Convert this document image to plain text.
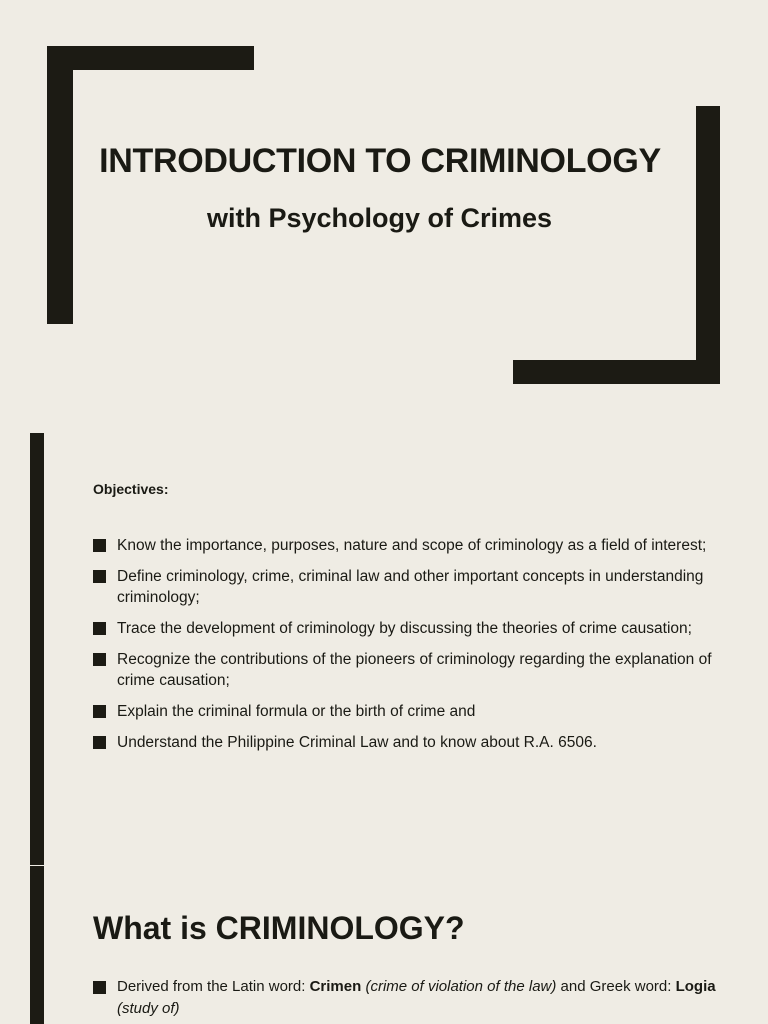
INTRODUCTION TO CRIMINOLOGY
with Psychology of Crimes
Objectives:
Know the importance, purposes, nature and scope of criminology as a field of interest;
Define criminology, crime, criminal law and other important concepts in understanding criminology;
Trace the development of criminology by discussing the theories of crime causation;
Recognize the contributions of the pioneers of criminology regarding the explanation of crime causation;
Explain the criminal formula or the birth of crime and
Understand the Philippine Criminal Law and to know about R.A. 6506.
What is CRIMINOLOGY?
Derived from the Latin word: Crimen (crime of violation of the law) and Greek word: Logia (study of)
